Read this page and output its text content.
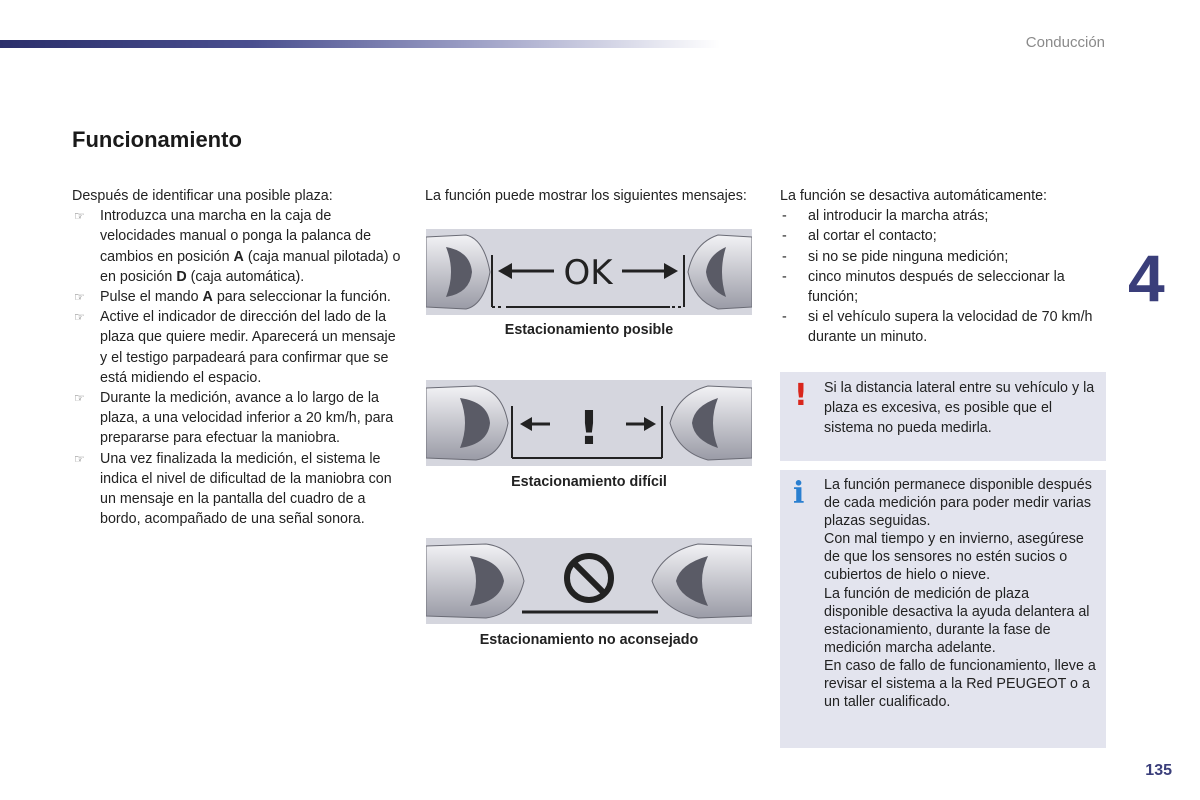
Conducción
4
Funcionamiento
Después de identificar una posible plaza:
☞ Introduzca una marcha en la caja de velocidades manual o ponga la palanca de cambios en posición A (caja manual pilotada) o en posición D (caja automática).
☞ Pulse el mando A para seleccionar la función.
☞ Active el indicador de dirección del lado de la plaza que quiere medir. Aparecerá un mensaje y el testigo parpadeará para confirmar que se está midiendo el espacio.
☞ Durante la medición, avance a lo largo de la plaza, a una velocidad inferior a 20 km/h, para prepararse para efectuar la maniobra.
☞ Una vez finalizada la medición, el sistema le indica el nivel de dificultad de la maniobra con un mensaje en la pantalla del cuadro de a bordo, acompañado de una señal sonora.
La función puede mostrar los siguientes mensajes:
OK
Estacionamiento posible
!
Estacionamiento difícil
Estacionamiento no aconsejado
La función se desactiva automáticamente:
- al introducir la marcha atrás;
- al cortar el contacto;
- si no se pide ninguna medición;
- cinco minutos después de seleccionar la función;
- si el vehículo supera la velocidad de 70 km/h durante un minuto.
! Si la distancia lateral entre su vehículo y la plaza es excesiva, es posible que el sistema no pueda medirla.
i La función permanece disponible después de cada medición para poder medir varias plazas seguidas.

Con mal tiempo y en invierno, asegúrese de que los sensores no estén sucios o cubiertos de hielo o nieve.

La función de medición de plaza disponible desactiva la ayuda delantera al estacionamiento, durante la fase de medición marcha adelante.

En caso de fallo de funcionamiento, lleve a revisar el sistema a la Red PEUGEOT o a un taller cualificado.

135
